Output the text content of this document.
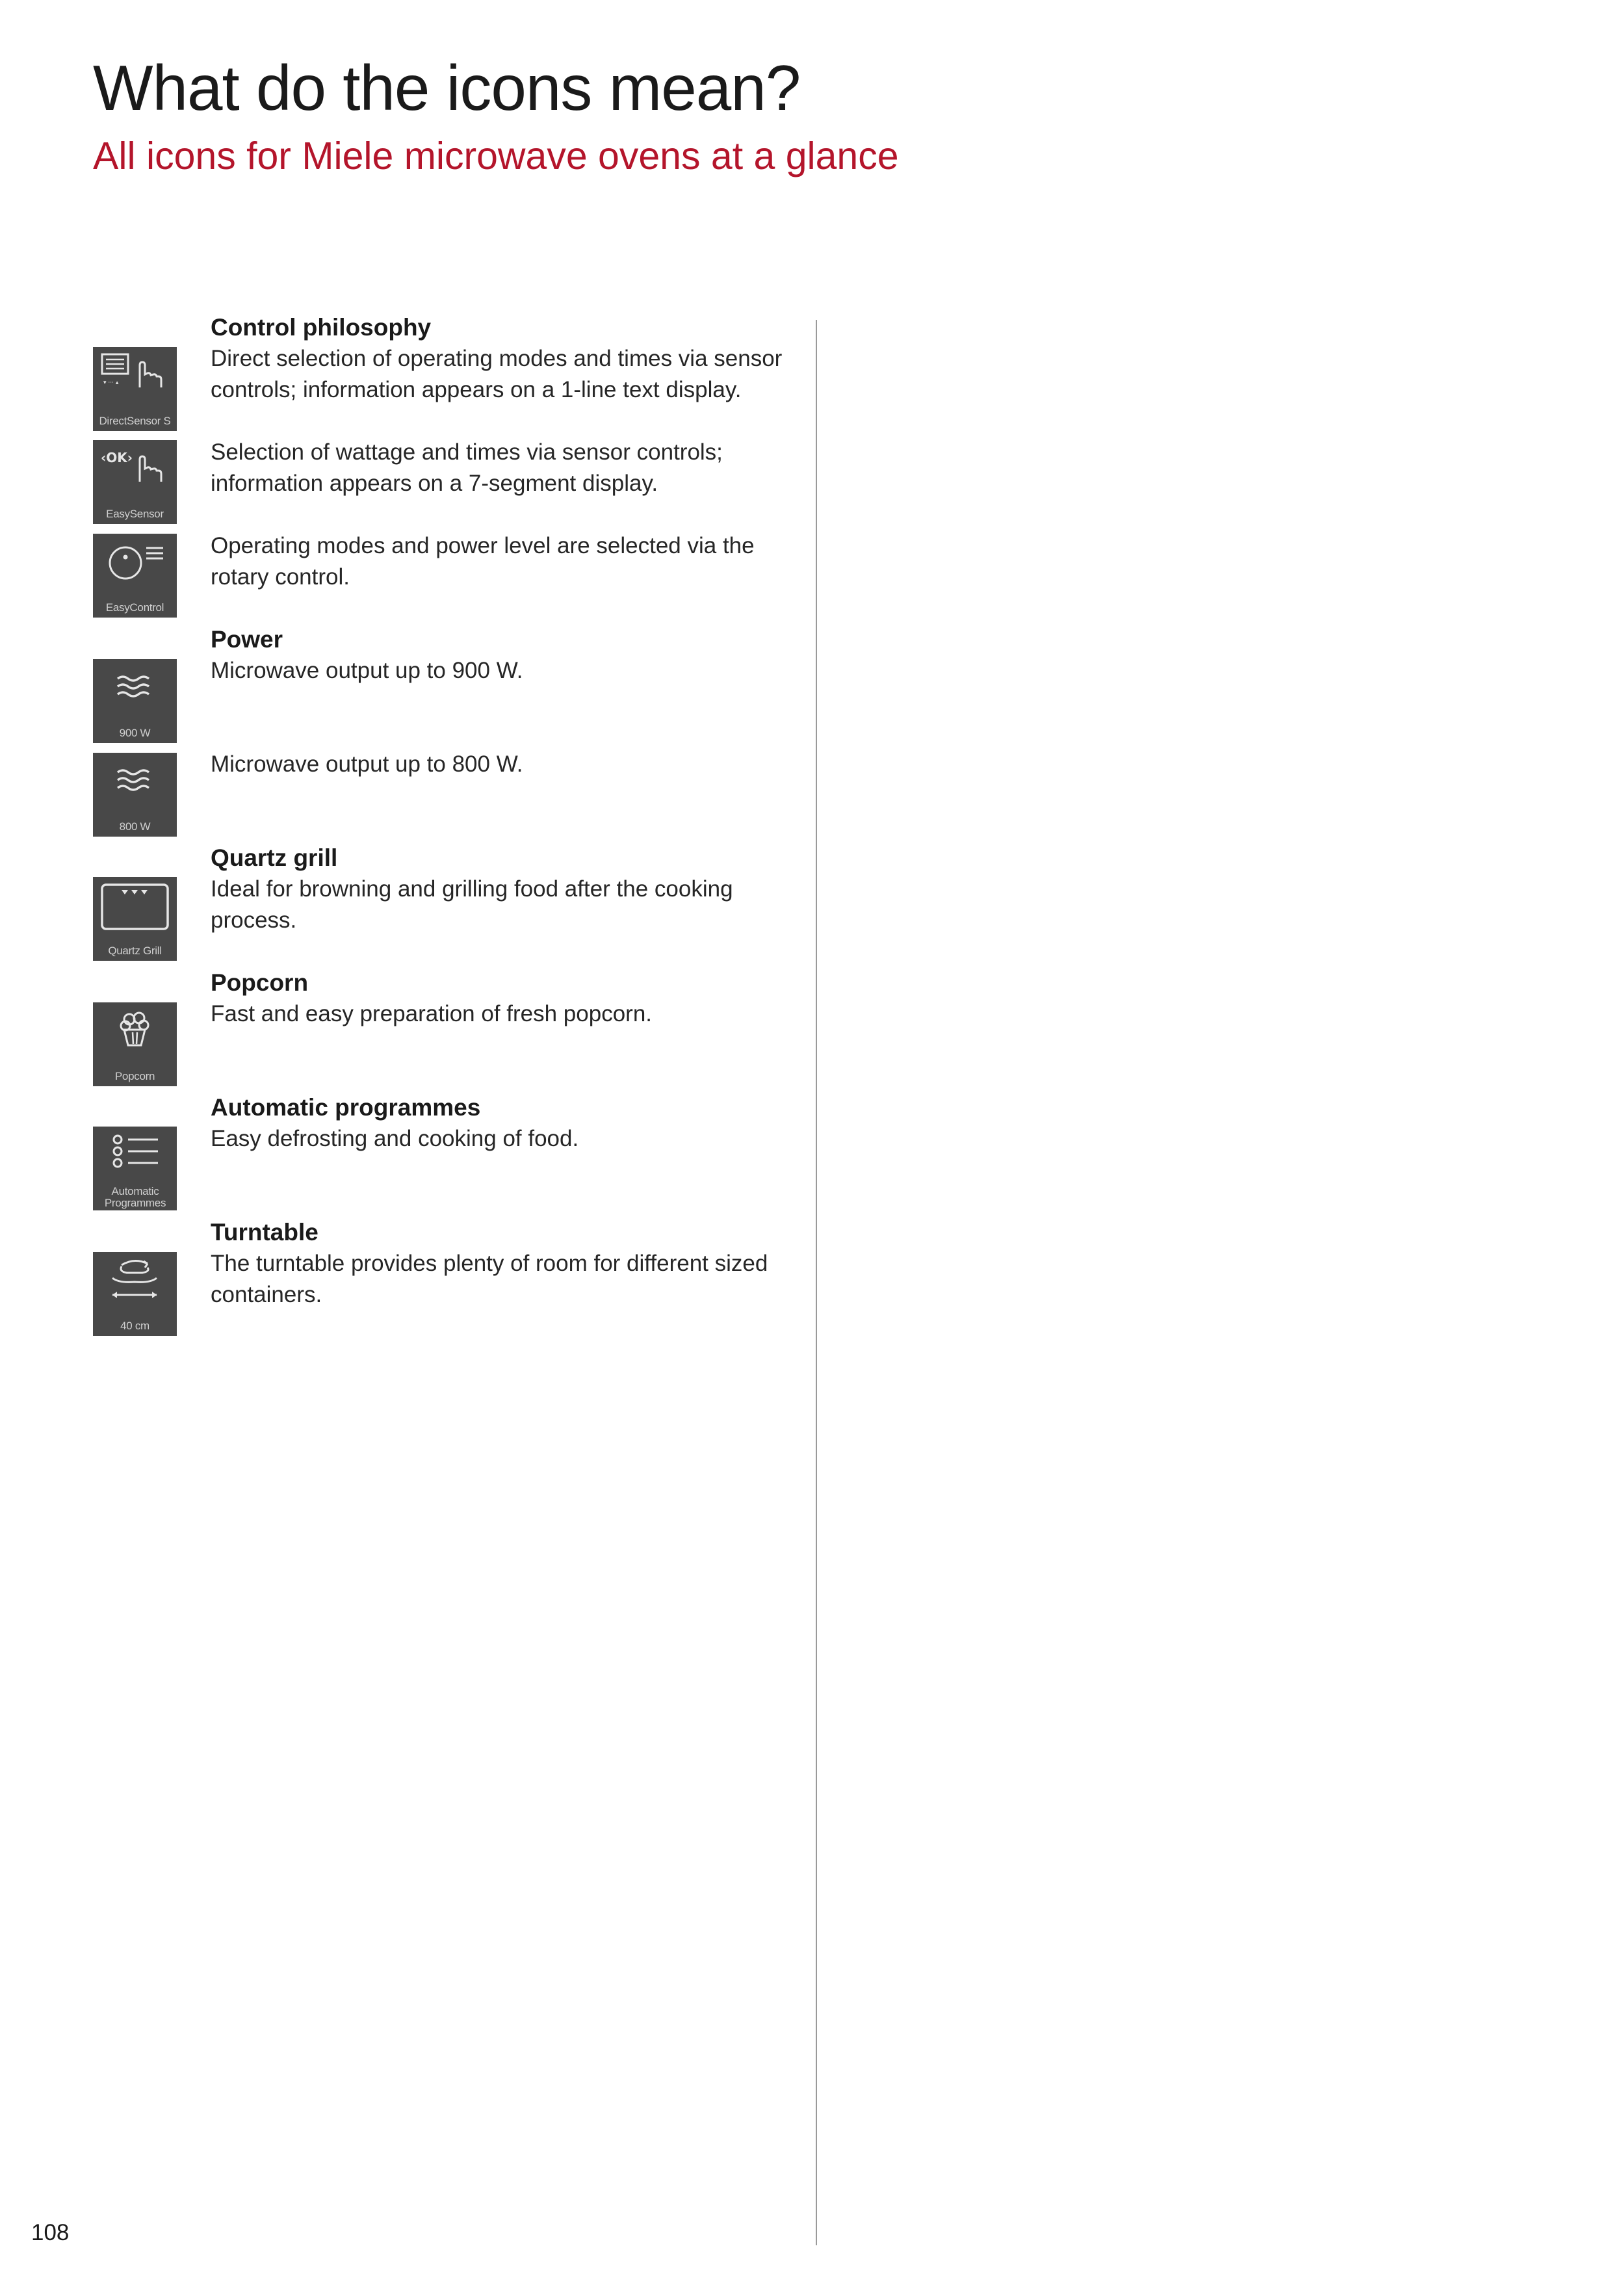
What do the icons mean?
All icons for Miele microwave ovens at a glance

Control philosophy

▾ ··· ▴
DirectSensor S

Direct selection of operating modes and times via sensor controls; information appears on a 1-line text display.

‹OK›
EasySensor

Selection of wattage and times via sensor controls; information appears on a 7-segment display.

EasyControl

Operating modes and power level are selected via the rotary control.

Power

900 W

Microwave output up to 900 W.

800 W

Microwave output up to 800 W.

Quartz grill

Quartz Grill

Ideal for browning and grilling food after the cooking process.

Popcorn

Popcorn

Fast and easy preparation of fresh popcorn.

Automatic programmes

Automatic Programmes

Easy defrosting and cooking of food.

Turntable

40 cm

The turntable provides plenty of room for different sized containers.

108
